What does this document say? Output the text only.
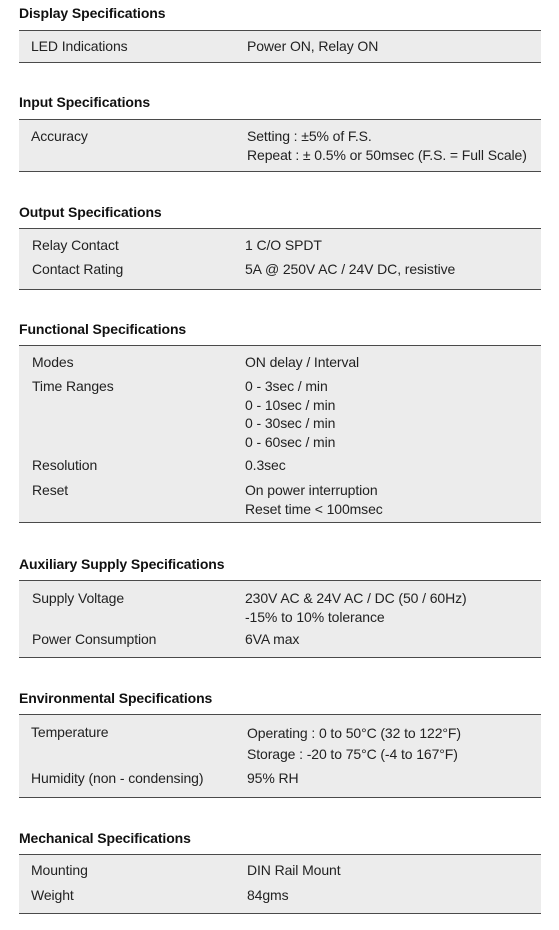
Display Specifications
LED Indications	Power ON, Relay ON
Input Specifications
Accuracy	Setting : ±5% of F.S.
Repeat : ± 0.5% or 50msec (F.S. = Full Scale)
Output Specifications
Relay Contact	1 C/O SPDT
Contact Rating	5A @ 250V AC / 24V DC, resistive
Functional Specifications
Modes	ON delay / Interval
Time Ranges	0 - 3sec / min
0 - 10sec / min
0 - 30sec / min
0 - 60sec / min
Resolution	0.3sec
Reset	On power interruption
Reset time < 100msec
Auxiliary Supply Specifications
Supply Voltage	230V AC & 24V AC / DC (50 / 60Hz)
-15% to 10% tolerance
Power Consumption	6VA max
Environmental Specifications
Temperature	Operating : 0 to 50°C (32 to 122°F)
Storage : -20 to 75°C (-4 to 167°F)
Humidity (non - condensing)	95% RH
Mechanical Specifications
Mounting	DIN Rail Mount
Weight	84gms
